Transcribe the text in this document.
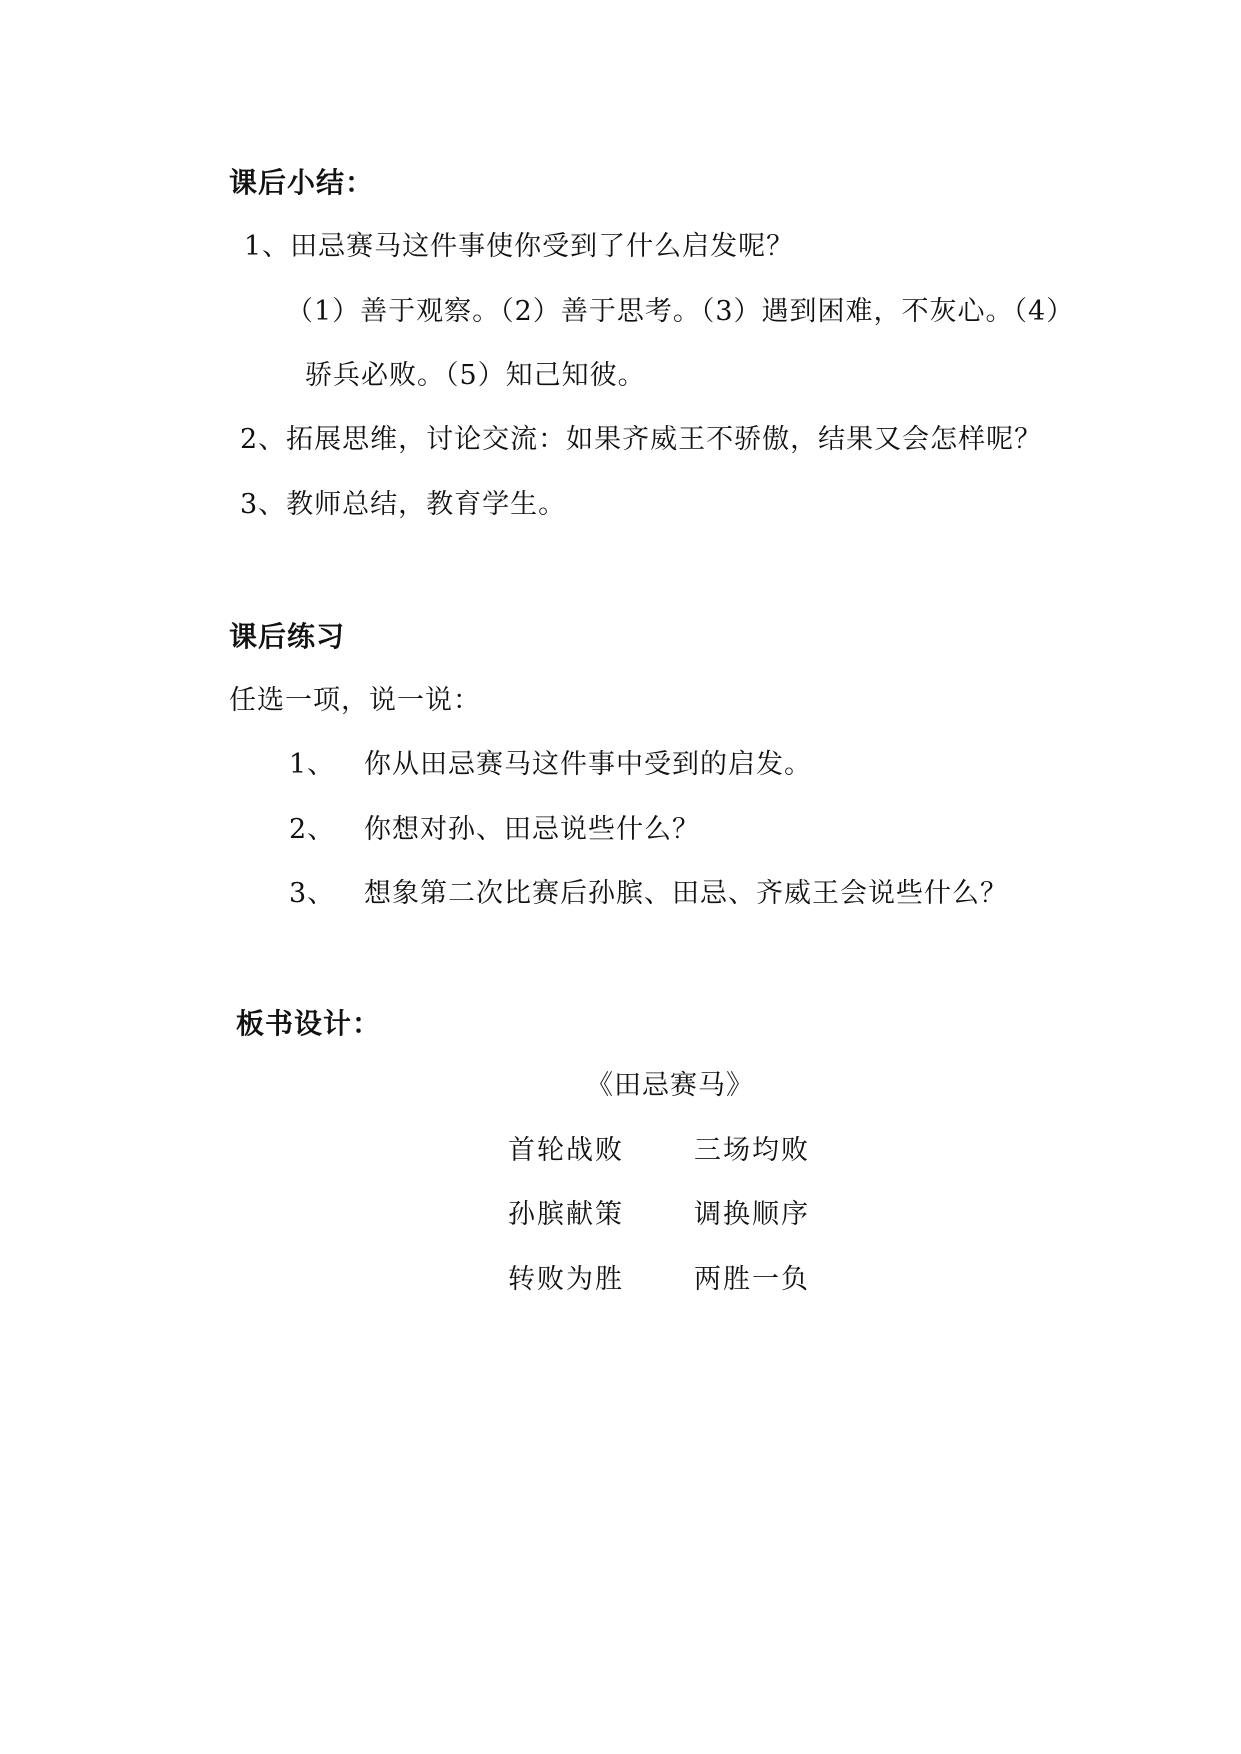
课后小结：
1、田忌赛马这件事使你受到了什么启发呢？
（1）善于观察。（2）善于思考。（3）遇到困难，不灰心。（4）
骄兵必败。（5）知己知彼。
2、拓展思维，讨论交流：如果齐威王不骄傲，结果又会怎样呢？
3、教师总结，教育学生。
课后练习
任选一项，说一说：
1、 你从田忌赛马这件事中受到的启发。
2、 你想对孙、田忌说些什么？
3、 想象第二次比赛后孙膑、田忌、齐威王会说些什么？
板书设计：
《田忌赛马》
首轮战败	三场均败
孙膑献策	调换顺序
转败为胜	两胜一负
